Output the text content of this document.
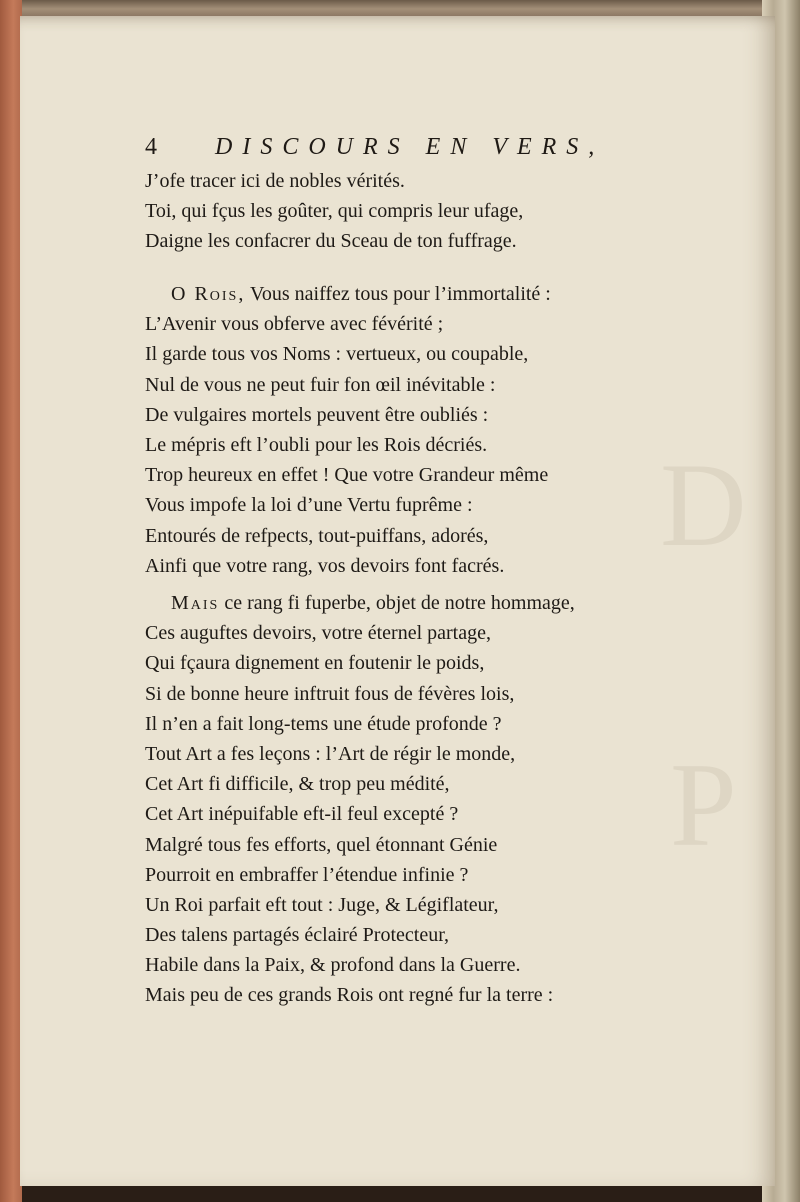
D
P
4	DISCOURS EN VERS,
J’ofe tracer ici de nobles vérités.
Toi, qui fçus les goûter, qui compris leur ufage,
Daigne les confacrer du Sceau de ton fuffrage.
O Rois, Vous naiffez tous pour l’immortalité :
L’Avenir vous obferve avec févérité ;
Il garde tous vos Noms : vertueux, ou coupable,
Nul de vous ne peut fuir fon œil inévitable :
De vulgaires mortels peuvent être oubliés :
Le mépris eft l’oubli pour les Rois décriés.
Trop heureux en effet ! Que votre Grandeur même
Vous impofe la loi d’une Vertu fuprême :
Entourés de refpects, tout-puiffans, adorés,
Ainfi que votre rang, vos devoirs font facrés.
Mais ce rang fi fuperbe, objet de notre hommage,
Ces auguftes devoirs, votre éternel partage,
Qui fçaura dignement en foutenir le poids,
Si de bonne heure inftruit fous de févères lois,
Il n’en a fait long-tems une étude profonde ?
Tout Art a fes leçons : l’Art de régir le monde,
Cet Art fi difficile, & trop peu médité,
Cet Art inépuifable eft-il feul excepté ?
Malgré tous fes efforts, quel étonnant Génie
Pourroit en embraffer l’étendue infinie ?
Un Roi parfait eft tout : Juge, & Légiflateur,
Des talens partagés éclairé Protecteur,
Habile dans la Paix, & profond dans la Guerre.
Mais peu de ces grands Rois ont regné fur la terre :
